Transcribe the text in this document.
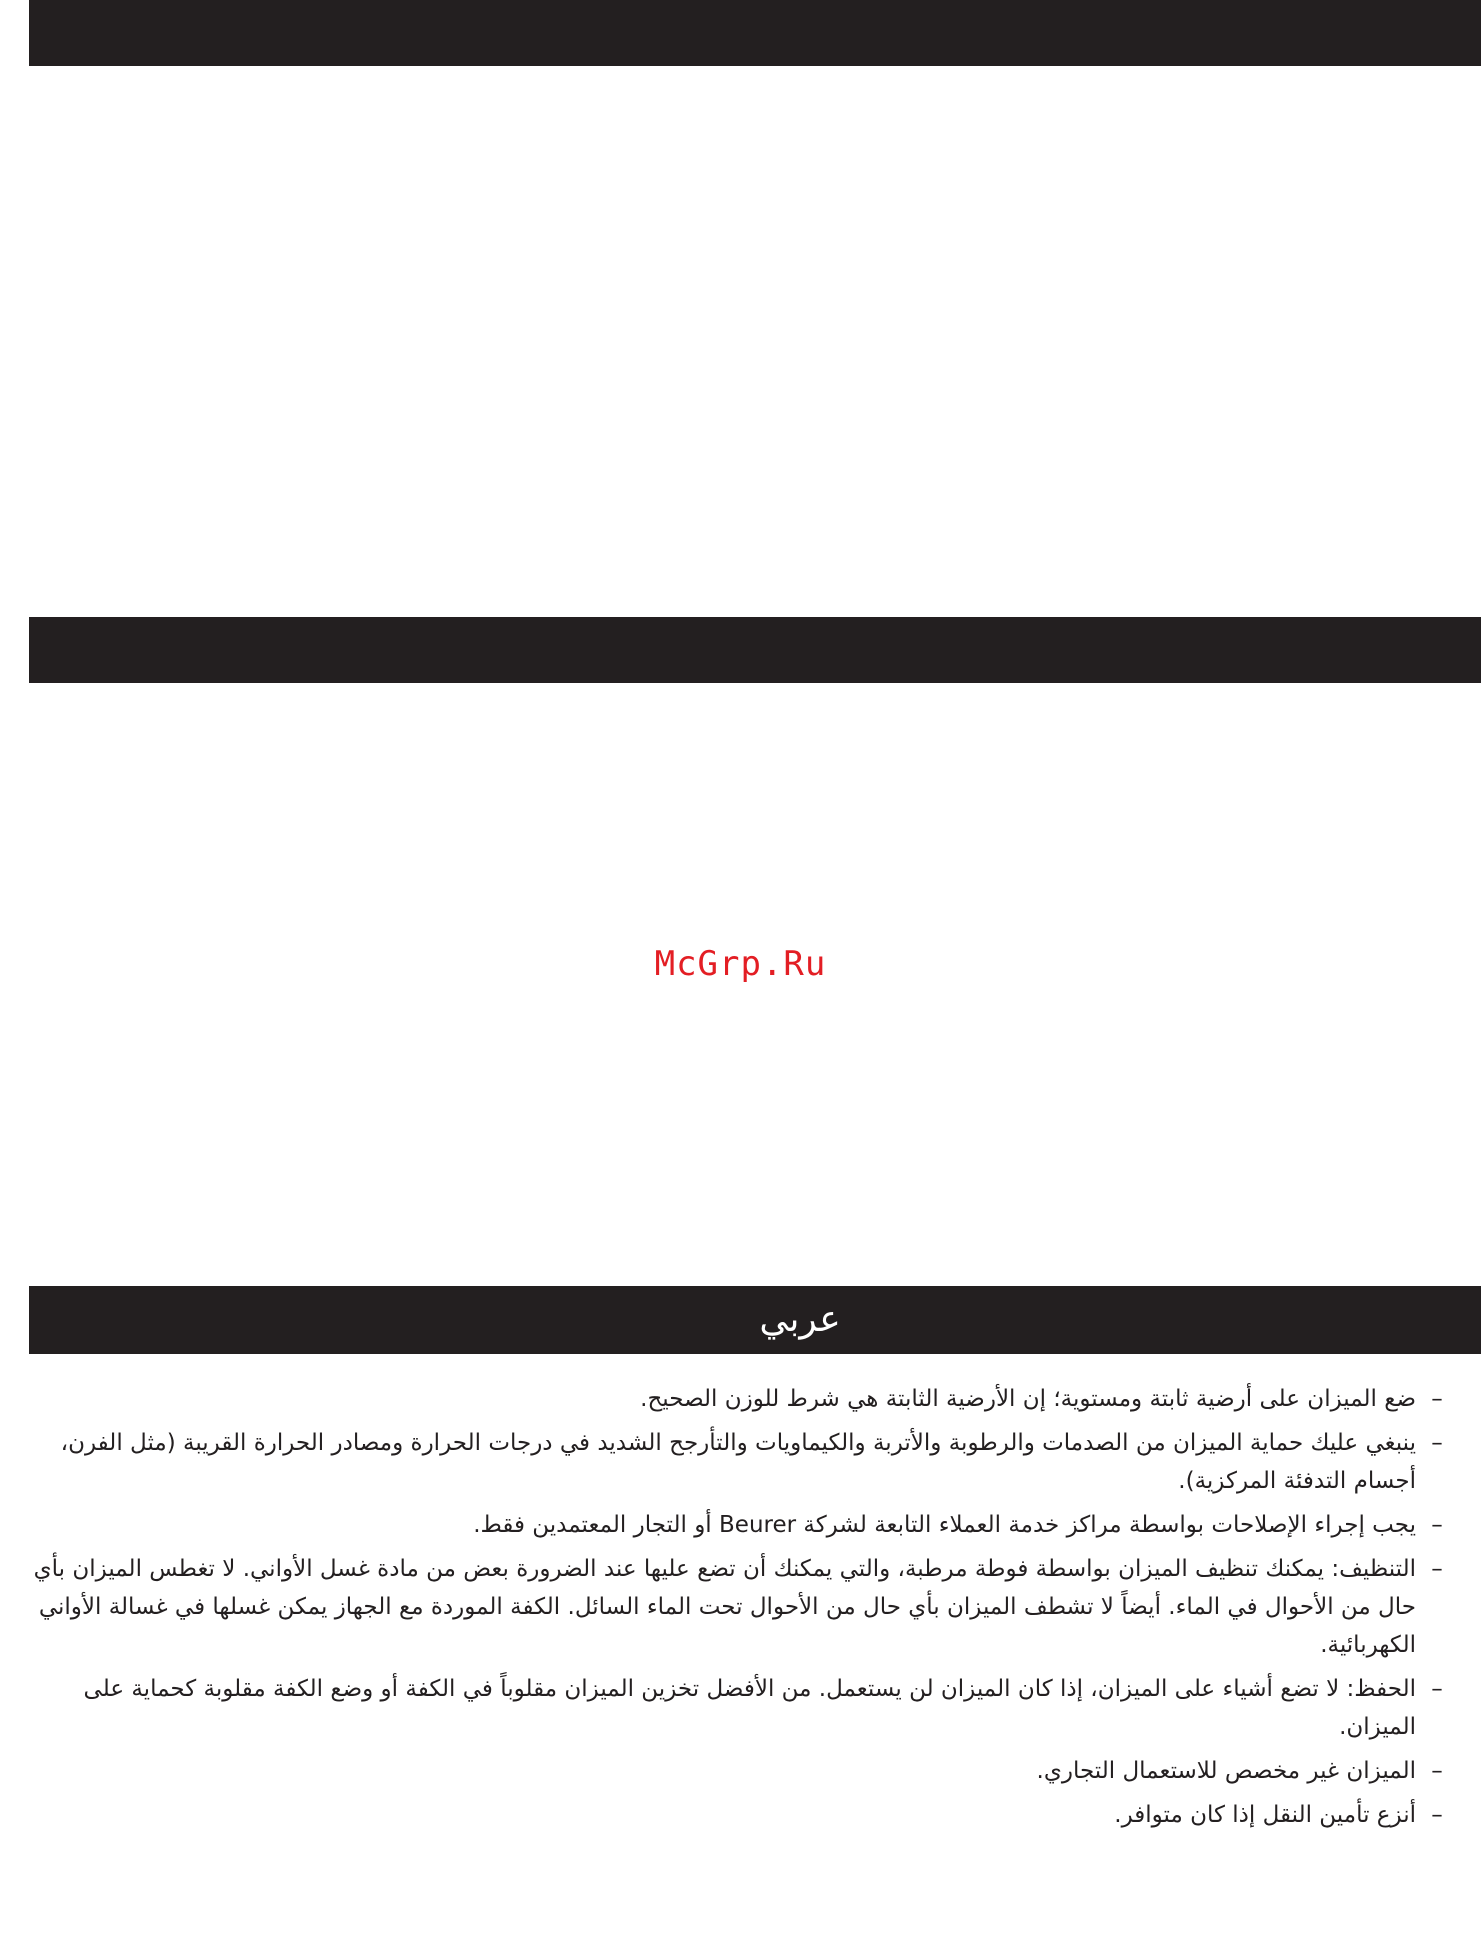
عربي
McGrp.Ru
–
ضع الميزان على أرضية ثابتة ومستوية؛ إن الأرضية الثابتة هي شرط للوزن الصحيح.
–
ينبغي عليك حماية الميزان من الصدمات والرطوبة والأتربة والكيماويات والتأرجح الشديد في درجات الحرارة ومصادر الحرارة القريبة (مثل الفرن، أجسام التدفئة المركزية).
–
يجب إجراء الإصلاحات بواسطة مراكز خدمة العملاء التابعة لشركة Beurer أو التجار المعتمدين فقط.
–
التنظيف: يمكنك تنظيف الميزان بواسطة فوطة مرطبة، والتي يمكنك أن تضع عليها عند الضرورة بعض من مادة غسل الأواني. لا تغطس الميزان بأي حال من الأحوال في الماء. أيضاً لا تشطف الميزان بأي حال من الأحوال تحت الماء السائل. الكفة الموردة مع الجهاز يمكن غسلها في غسالة الأواني الكهربائية.
–
الحفظ: لا تضع أشياء على الميزان، إذا كان الميزان لن يستعمل. من الأفضل تخزين الميزان مقلوباً في الكفة أو وضع الكفة مقلوبة كحماية على الميزان.
–
الميزان غير مخصص للاستعمال التجاري.
–
أنزع تأمين النقل إذا كان متوافر.
